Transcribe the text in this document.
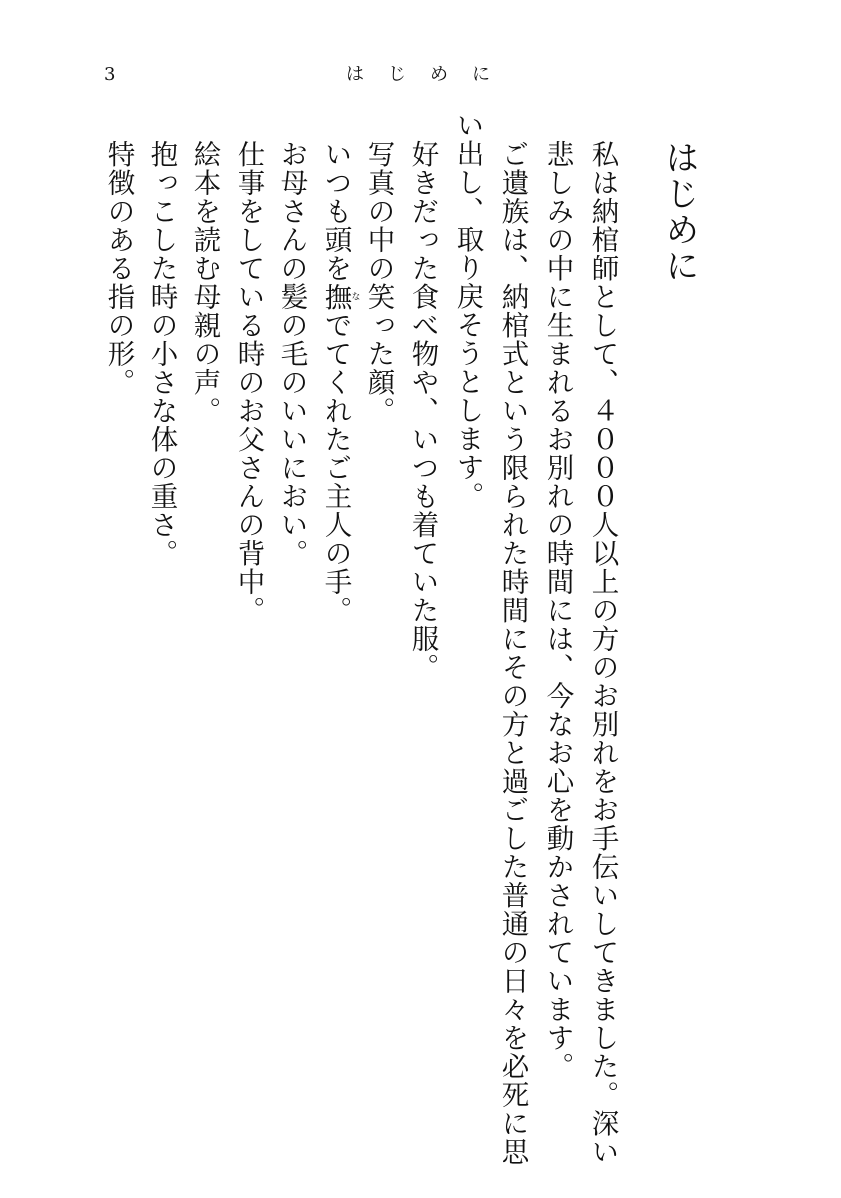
3	はじめに
はじめに
私は納棺師として、４０００人以上の方のお別れをお手伝いしてきました。深い
悲しみの中に生まれるお別れの時間には、今なお心を動かされています。
ご遺族は、納棺式という限られた時間にその方と過ごした普通の日々を必死に思
い出し、取り戻そうとします。
好きだった食べ物や、いつも着ていた服。
写真の中の笑った顔。
いつも頭を撫なでてくれたご主人の手。
お母さんの髪の毛のいいにおい。
仕事をしている時のお父さんの背中。
絵本を読む母親の声。
抱っこした時の小さな体の重さ。
特徴のある指の形。
